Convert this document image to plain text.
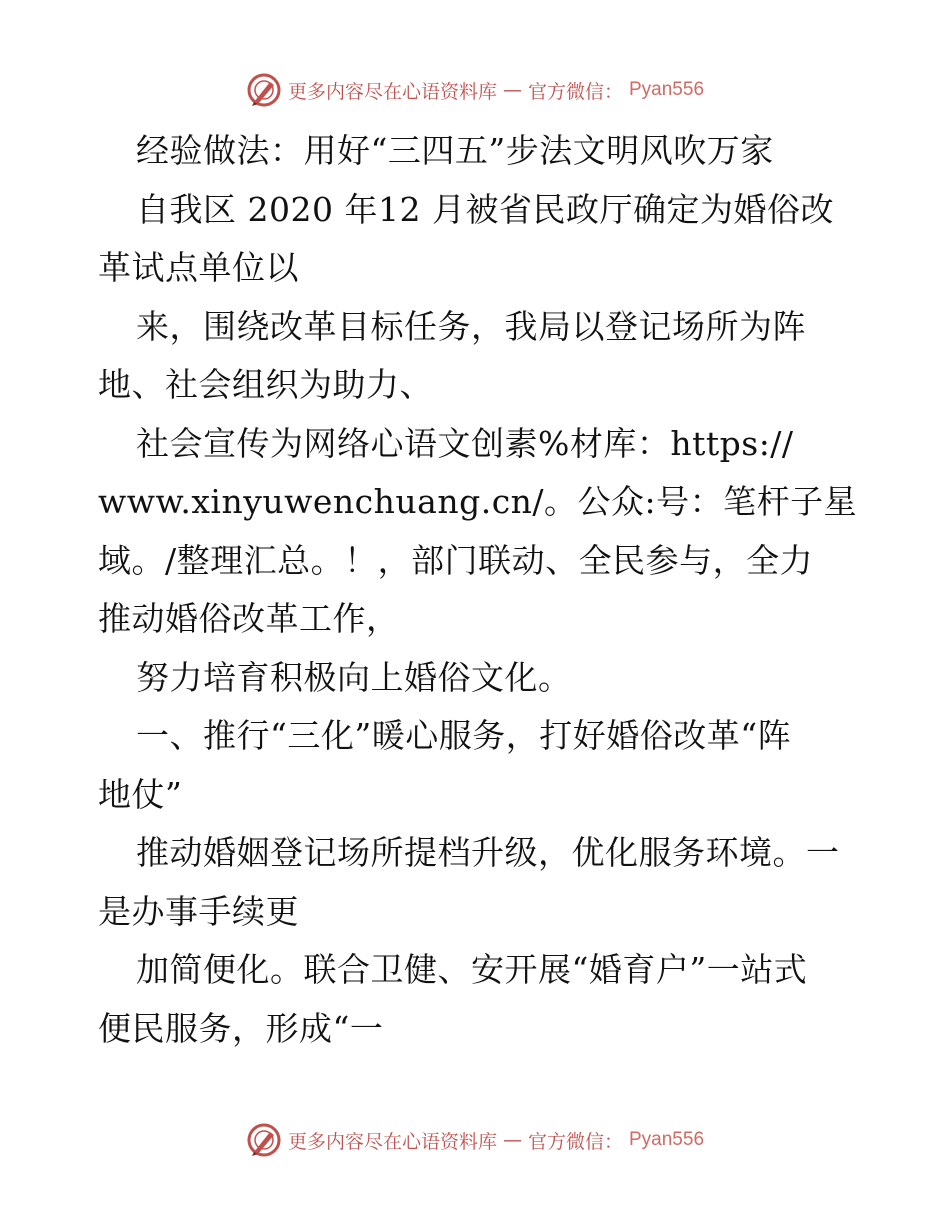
更多内容尽在心语资料库 — 官方微信： Pyan556
经验做法：用好“三四五”步法文明风吹万家
自我区 2020 年12 月被省民政厅确定为婚俗改
革试点单位以
来，围绕改革目标任务，我局以登记场所为阵
地、社会组织为助力、
社会宣传为网络心语文创素%材库：https://
www.xinyuwenchuang.cn/。公众:号：笔杆子星
域。/整理汇总。！，部门联动、全民参与，全力
推动婚俗改革工作，
努力培育积极向上婚俗文化。
一、推行“三化”暖心服务，打好婚俗改革“阵
地仗”
推动婚姻登记场所提档升级，优化服务环境。一
是办事手续更
加简便化。联合卫健、安开展“婚育户”一站式
便民服务，形成“一
更多内容尽在心语资料库 — 官方微信： Pyan556
